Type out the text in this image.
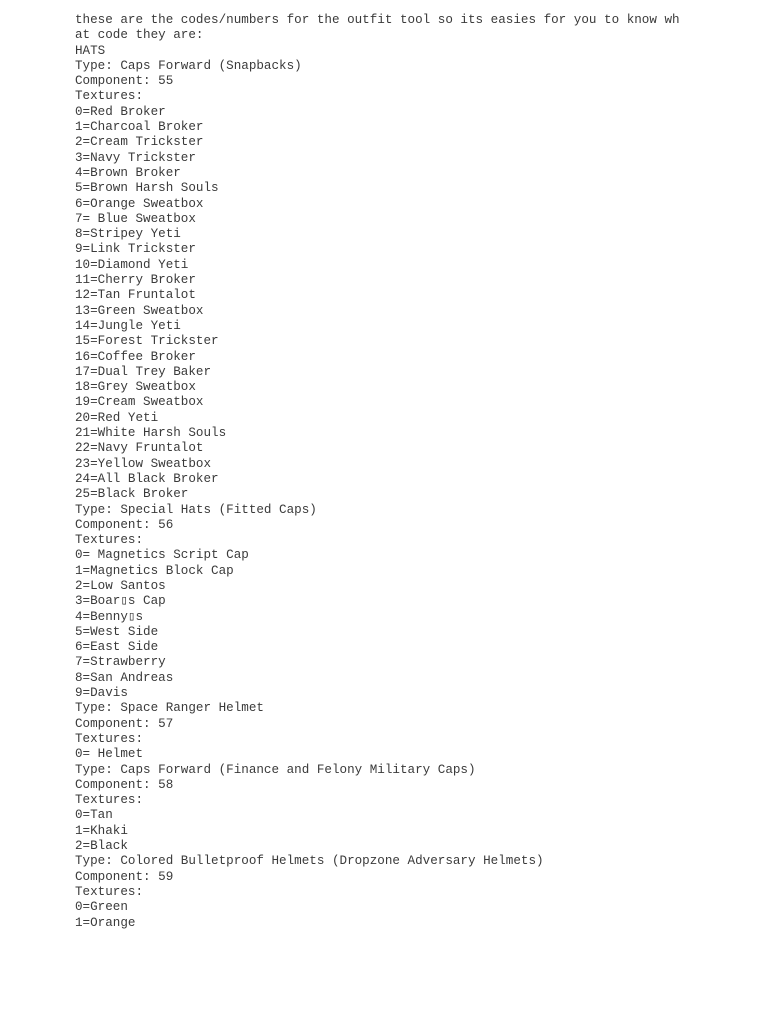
these are the codes/numbers for the outfit tool so its easies for you to know wh
at code they are:
HATS
Type: Caps Forward (Snapbacks)
Component: 55
Textures:
0=Red Broker
1=Charcoal Broker
2=Cream Trickster
3=Navy Trickster
4=Brown Broker
5=Brown Harsh Souls
6=Orange Sweatbox
7= Blue Sweatbox
8=Stripey Yeti
9=Link Trickster
10=Diamond Yeti
11=Cherry Broker
12=Tan Fruntalot
13=Green Sweatbox
14=Jungle Yeti
15=Forest Trickster
16=Coffee Broker
17=Dual Trey Baker
18=Grey Sweatbox
19=Cream Sweatbox
20=Red Yeti
21=White Harsh Souls
22=Navy Fruntalot
23=Yellow Sweatbox
24=All Black Broker
25=Black Broker
Type: Special Hats (Fitted Caps)
Component: 56
Textures:
0= Magnetics Script Cap
1=Magnetics Block Cap
2=Low Santos
3=Boar▯s Cap
4=Benny▯s
5=West Side
6=East Side
7=Strawberry
8=San Andreas
9=Davis
Type: Space Ranger Helmet
Component: 57
Textures:
0= Helmet
Type: Caps Forward (Finance and Felony Military Caps)
Component: 58
Textures:
0=Tan
1=Khaki
2=Black
Type: Colored Bulletproof Helmets (Dropzone Adversary Helmets)
Component: 59
Textures:
0=Green
1=Orange
